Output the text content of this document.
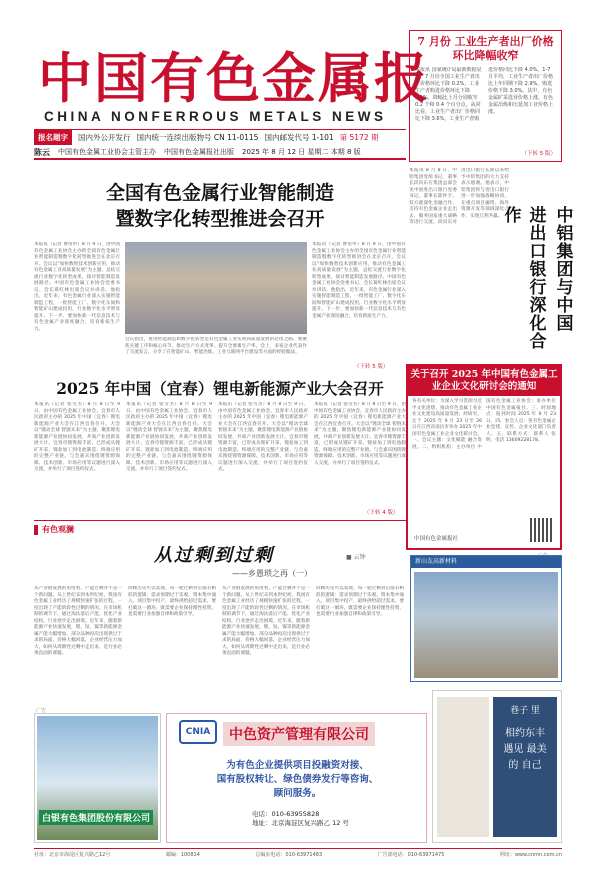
中国有色金属报
CHINA NONFERROUS METALS NEWS
报名题字	国内外公开发行 国内统一连续出版物号 CN 11-0115 国内邮发代号 1-101 第 5172 期
陈云 中国有色金属工业协会主管主办 中国有色金属报社出版 2025 年 8 月 12 日 星期二 本期 8 版
7 月份 工业生产者出厂价格
环比降幅收窄
本报讯 国家统计局最新数据显示，7 月份全国工业生产者出厂价格环比下降 0.2%，工业生产者购进价格环比下降 0.1%，降幅比上月分别收窄 0.2 个和 0.4 个百分点。从同比看，工业生产者出厂价格同比下降 3.6%，工业生产者购进价格同比下降 4.0%。1-7 月平均，工业生产者出厂价格比上年同期下降 2.9%，购进价格下降 3.0%。其中，有色金属矿采选业价格上涨，有色金属冶炼和压延加工业价格上涨。
（下转 5 版）
全国有色金属行业智能制造
暨数字化转型推进会召开
本报讯（记者 曹语申）8 月 9 日，由中国有色金属工业协会主办的全国有色金属行业智能制造暨数字化转型推进会在北京召开。会议以“加快数智技术创新应用，推动有色金属工业高质量发展”为主题，总结交流行业数字化转型成果，探讨智能制造发展路径。中国有色金属工业协会党委书记、会长葛红林出席会议并讲话。他指出，近年来，有色金属行业深入实施智能制造工程，一批智能工厂、数字化车间和智能矿山建成投用，行业数字化水平明显提升。下一步，要加快新一代信息技术与有色金属产业深度融合，培育新质生产力。
会议指出，推进智能制造和数字化转型是有色金属工业实现高质量发展的必由之路。要聚焦关键工序和核心环节，推动生产方式变革，提升全要素生产率。会上，多家企业代表作了交流发言，分享了在智能矿山、智能冶炼、工业互联网平台建设等方面的经验做法。
本报讯（记者 曹语申）8 月 9 日，由中国有色金属工业协会主办的全国有色金属行业智能制造暨数字化转型推进会在北京召开。会议以“加快数智技术创新应用，推动有色金属工业高质量发展”为主题，总结交流行业数字化转型成果，探讨智能制造发展路径。中国有色金属工业协会党委书记、会长葛红林出席会议并讲话。他指出，近年来，有色金属行业深入实施智能制造工程，一批智能工厂、数字化车间和智能矿山建成投用，行业数字化水平明显提升。下一步，要加快新一代信息技术与有色金属产业深度融合，培育新质生产力。
（下转 5 版）
2025 年中国（宜春）锂电新能源产业大会召开
本报讯（记者 张雪杰）8 月 8 日至 9 日，由中国有色金属工业协会、宜春市人民政府主办的 2025 年中国（宜春）锂电新能源产业大会在江西宜春召开。大会以“锂动全球 智链未来”为主题，聚焦锂电新能源产业链协同发展，共商产业创新发展大计。宜春市锂资源丰富，已形成从锂矿开采、锂盐加工到电池制造、终端应用的完整产业链。与会嘉宾围绕锂资源保障、技术创新、市场应用等议题进行深入交流，并举行了项目签约仪式。
本报讯（记者 张雪杰）8 月 8 日至 9 日，由中国有色金属工业协会、宜春市人民政府主办的 2025 年中国（宜春）锂电新能源产业大会在江西宜春召开。大会以“锂动全球 智链未来”为主题，聚焦锂电新能源产业链协同发展，共商产业创新发展大计。宜春市锂资源丰富，已形成从锂矿开采、锂盐加工到电池制造、终端应用的完整产业链。与会嘉宾围绕锂资源保障、技术创新、市场应用等议题进行深入交流，并举行了项目签约仪式。
本报讯（记者 张雪杰）8 月 8 日至 9 日，由中国有色金属工业协会、宜春市人民政府主办的 2025 年中国（宜春）锂电新能源产业大会在江西宜春召开。大会以“锂动全球 智链未来”为主题，聚焦锂电新能源产业链协同发展，共商产业创新发展大计。宜春市锂资源丰富，已形成从锂矿开采、锂盐加工到电池制造、终端应用的完整产业链。与会嘉宾围绕锂资源保障、技术创新、市场应用等议题进行深入交流，并举行了项目签约仪式。
本报讯（记者 张雪杰）8 月 8 日至 9 日，由中国有色金属工业协会、宜春市人民政府主办的 2025 年中国（宜春）锂电新能源产业大会在江西宜春召开。大会以“锂动全球 智链未来”为主题，聚焦锂电新能源产业链协同发展，共商产业创新发展大计。宜春市锂资源丰富，已形成从锂矿开采、锂盐加工到电池制造、终端应用的完整产业链。与会嘉宾围绕锂资源保障、技术创新、市场应用等议题进行深入交流，并举行了项目签约仪式。
（下转 4 版）
本报讯 8 月 8 日，中铝集团党组书记、董事长段向东在集团总部会见中国进出口银行党委书记、董事长陈怀宇。双方就深化金融合作、支持有色金属企业走出去、服务国家重大战略等进行交流。段向东对进出口银行长期以来给予中铝集团的大力支持表示感谢。他表示，中铝集团将与进出口银行进一步加强战略协同，在重点项目融资、海外资源开发等领域深化合作，实现互利共赢。	中铝集团与中国
进出口银行深化合作
关于召开 2025 年中国有色金属工业企业文化研讨会的通知
各有关单位：为深入学习贯彻习近平文化思想，推动有色金属工业企业文化建设高质量发展，经研究，定于 2025 年 9 月 23 日至 26 日在江西省南昌市举办 2025 年中国有色金属工业企业文化研讨会。一、会议主题：文化赋能 融合发展。二、组织机构：主办单位 中国有色金属工业协会；承办单位 中国有色金属报社。三、时间地点：报到时间 2025 年 9 月 23 日。四、参会人员：各有色金属企业党建、宣传、企业文化部门负责人。五、联系方式：联系人 张 明，电话 13609228178。
中国有色金属报社
有色观澜
从过剩到过剩
——乡愚琐之再（一）
■ 云钟
从产业链发展的角度看，产能过剩并不是一个新问题。从上世纪末到本世纪初，我国有色金属工业经历了规模快速扩张的过程，一度出现了产能阶段性过剩的情况。在市场机制的调节下，通过淘汰落后产能、优化产业结构，行业逐步走出困境。近年来，随着新能源产业快速发展，锂、钴、镍等新能源金属产能大幅增加，部分品种再次出现供过于求的局面，价格大幅回落，企业经营压力加大。如何从周期性过剩中走出来，是行业必须直面的课题。
回顾历史可以发现，每一轮过剩背后都有相似的逻辑：需求预期过于乐观，资本集中涌入，项目集中投产，最终供给超过需求。要打破这一循环，既需要企业保持理性投资，也需要行业加强自律和政策引导。
从产业链发展的角度看，产能过剩并不是一个新问题。从上世纪末到本世纪初，我国有色金属工业经历了规模快速扩张的过程，一度出现了产能阶段性过剩的情况。在市场机制的调节下，通过淘汰落后产能、优化产业结构，行业逐步走出困境。近年来，随着新能源产业快速发展，锂、钴、镍等新能源金属产能大幅增加，部分品种再次出现供过于求的局面，价格大幅回落，企业经营压力加大。如何从周期性过剩中走出来，是行业必须直面的课题。
回顾历史可以发现，每一轮过剩背后都有相似的逻辑：需求预期过于乐观，资本集中涌入，项目集中投产，最终供给超过需求。要打破这一循环，既需要企业保持理性投资，也需要行业加强自律和政策引导。
新山友高新材料
广告
白银有色集团股份有限公司
CNIA	中色资产管理有限公司
为有色企业提供项目投融资对接、
国有股权转让、绿色债券发行等咨询、
顾问服务。
电话：010-63955828
地址：北京海淀区复兴路乙 12 号
巷子 里
相约东丰 遇见 最美的 自己
社址：北京市海淀区复兴路乙12号	邮编：100814	总编室电话：010-63971483	广告部电话：010-63971475	网址：www.cnmn.com.cn
